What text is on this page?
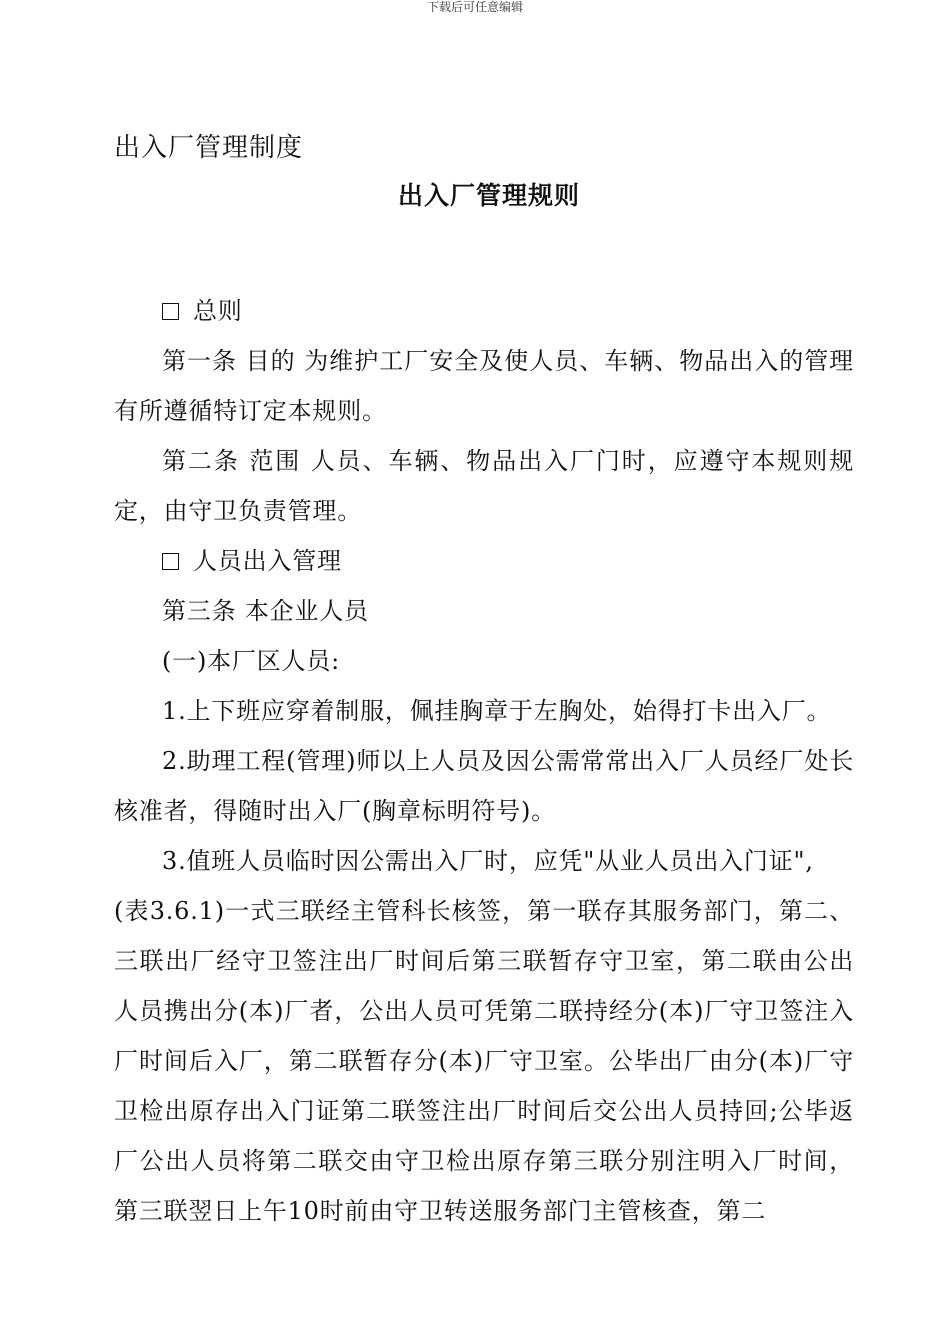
下载后可任意编辑
出入厂管理制度
出入厂管理规则

总则

第一条 目的 为维护工厂安全及使人员、车辆、物品出入的管理有所遵循特订定本规则。

第二条 范围 人员、车辆、物品出入厂门时，应遵守本规则规定，由守卫负责管理。

人员出入管理

第三条 本企业人员

(一)本厂区人员:

1.上下班应穿着制服，佩挂胸章于左胸处，始得打卡出入厂。

2.助理工程(管理)师以上人员及因公需常常出入厂人员经厂处长核准者，得随时出入厂(胸章标明符号)。

3.值班人员临时因公需出入厂时，应凭"从业人员出入门证",

(表3.6.1)一式三联经主管科长核签，第一联存其服务部门，第二、三联出厂经守卫签注出厂时间后第三联暂存守卫室，第二联由公出人员携出分(本)厂者，公出人员可凭第二联持经分(本)厂守卫签注入厂时间后入厂，第二联暂存分(本)厂守卫室。公毕出厂由分(本)厂守卫检出原存出入门证第二联签注出厂时间后交公出人员持回;公毕返厂公出人员将第二联交由守卫检出原存第三联分别注明入厂时间，第三联翌日上午10时前由守卫转送服务部门主管核查，第二
